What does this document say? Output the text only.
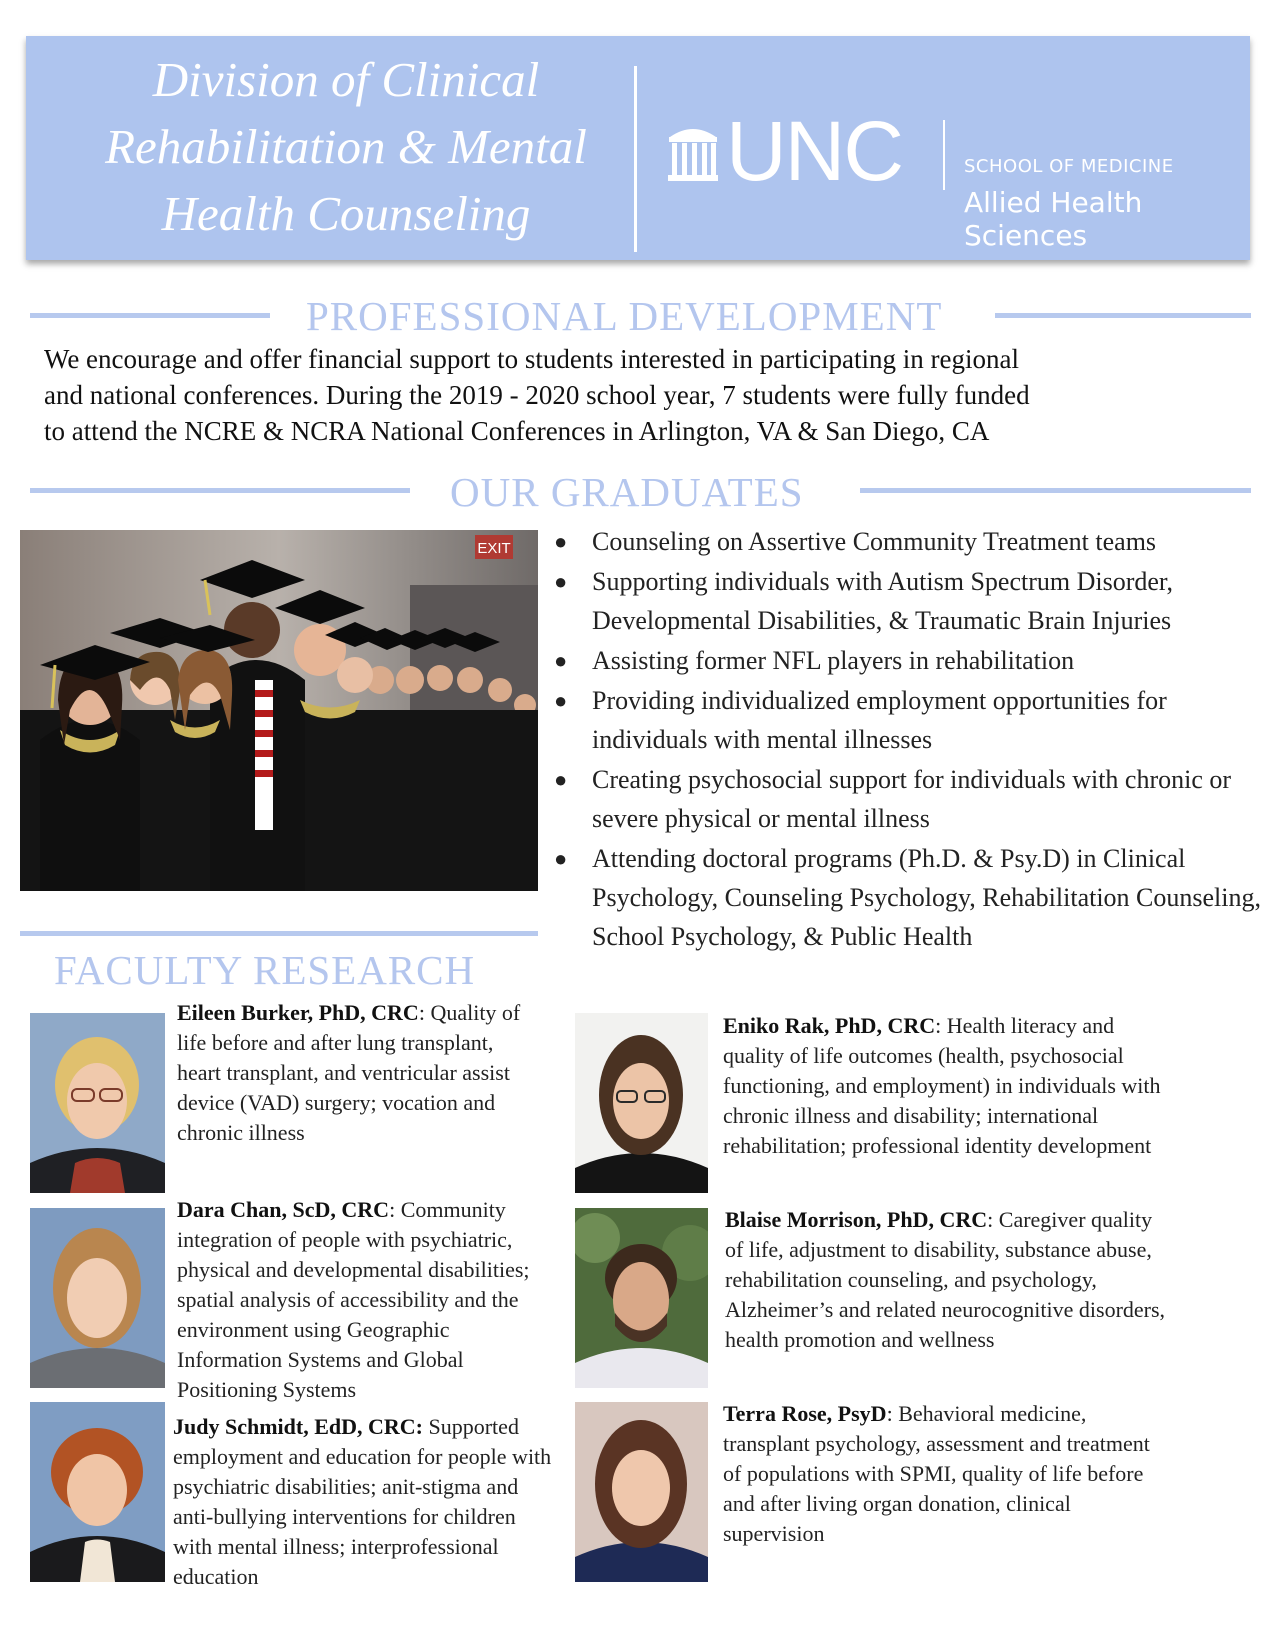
Division of Clinical
Rehabilitation & Mental
Health Counseling
UNC	SCHOOL OF MEDICINE
Allied Health Sciences
PROFESSIONAL DEVELOPMENT
We encourage and offer financial support to students interested in participating in regional
and national conferences. During the 2019 - 2020 school year, 7 students were fully funded
to attend the NCRE & NCRA National Conferences in Arlington, VA & San Diego, CA
OUR GRADUATES
EXIT ● Counseling on Assertive Community Treatment teams
● Supporting individuals with Autism Spectrum Disorder, Developmental Disabilities, & Traumatic Brain Injuries
● Assisting former NFL players in rehabilitation
● Providing individualized employment opportunities for individuals with mental illnesses
● Creating psychosocial support for individuals with chronic or severe physical or mental illness
● Attending doctoral programs (Ph.D. & Psy.D) in Clinical Psychology, Counseling Psychology, Rehabilitation Counseling, School Psychology, & Public Health
FACULTY RESEARCH
Eileen Burker, PhD, CRC: Quality of life before and after lung transplant, heart transplant, and ventricular assist device (VAD) surgery; vocation and chronic illness
Dara Chan, ScD, CRC: Community integration of people with psychiatric, physical and developmental disabilities; spatial analysis of accessibility and the environment using Geographic Information Systems and Global Positioning Systems
Judy Schmidt, EdD, CRC: Supported employment and education for people with psychiatric disabilities; anit-stigma and anti-bullying interventions for children with mental illness; interprofessional education
Eniko Rak, PhD, CRC: Health literacy and quality of life outcomes (health, psychosocial functioning, and employment) in individuals with chronic illness and disability; international rehabilitation; professional identity development
Blaise Morrison, PhD, CRC: Caregiver quality of life, adjustment to disability, substance abuse, rehabilitation counseling, and psychology, Alzheimer’s and related neurocognitive disorders, health promotion and wellness
Terra Rose, PsyD: Behavioral medicine, transplant psychology, assessment and treatment of populations with SPMI, quality of life before and after living organ donation, clinical supervision
